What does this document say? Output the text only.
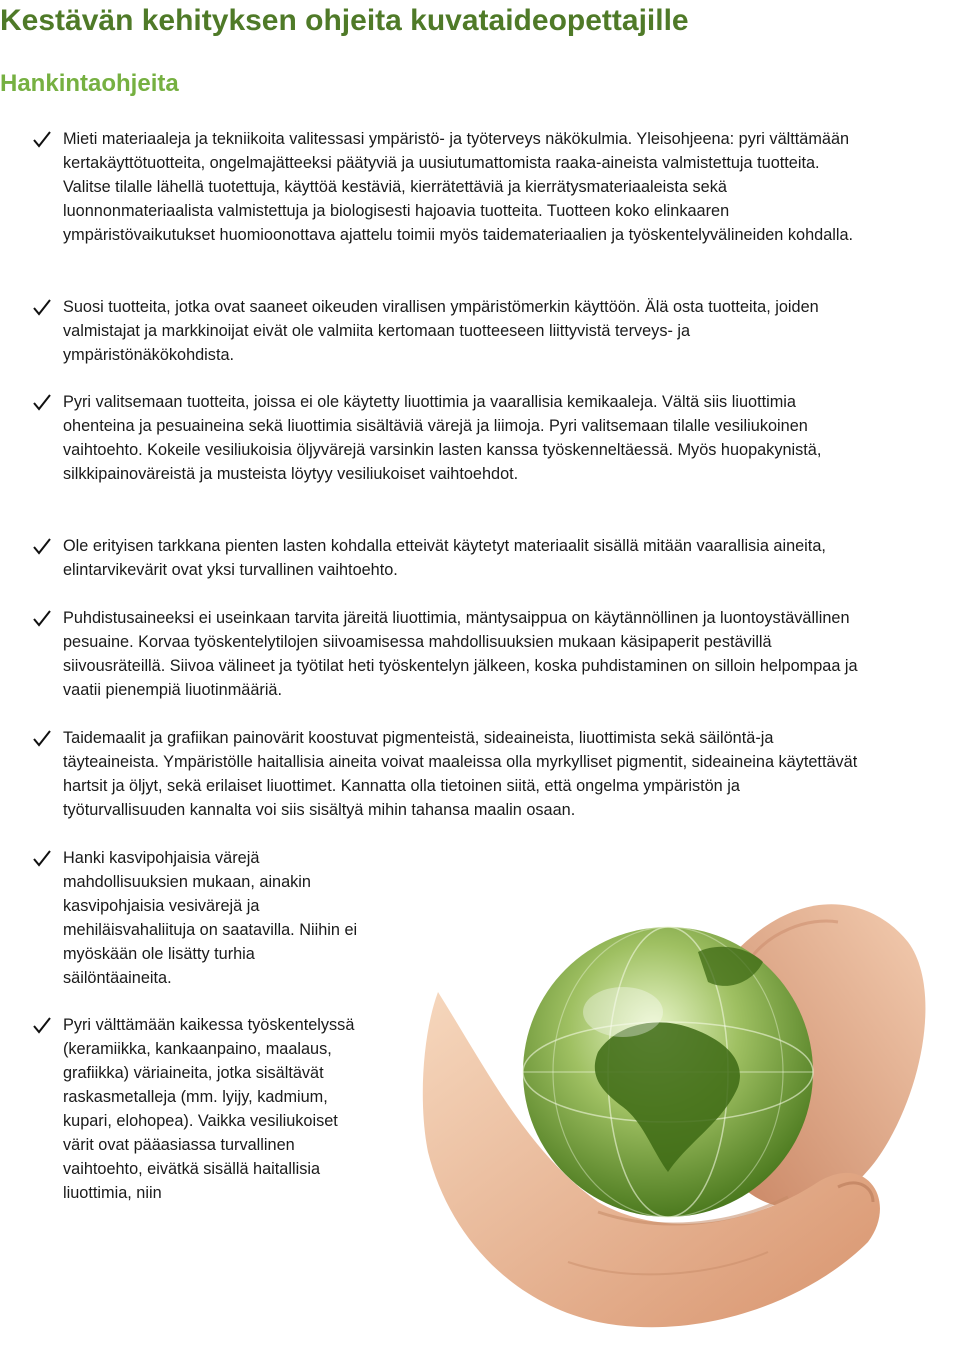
Kestävän kehityksen ohjeita kuvataideopettajille
Hankintaohjeita

Mieti materiaaleja ja tekniikoita valitessasi ympäristö- ja työterveys näkökulmia. Yleisohjeena: pyri välttämään kertakäyttötuotteita, ongelmajätteeksi päätyviä ja uusiutumattomista raaka-aineista valmistettuja tuotteita. Valitse tilalle lähellä tuotettuja, käyttöä kestäviä, kierrätettäviä ja kierrätysmateriaaleista sekä luonnonmateriaalista valmistettuja ja biologisesti hajoavia tuotteita. Tuotteen koko elinkaaren ympäristövaikutukset huomioonottava ajattelu toimii myös taidemateriaalien ja työskentelyvälineiden kohdalla.

Suosi tuotteita, jotka ovat saaneet oikeuden virallisen ympäristömerkin käyttöön. Älä osta tuotteita, joiden valmistajat ja markkinoijat eivät ole valmiita kertomaan tuotteeseen liittyvistä terveys- ja ympäristönäkökohdista.

Pyri valitsemaan tuotteita, joissa ei ole käytetty liuottimia ja vaarallisia kemikaaleja. Vältä siis liuottimia ohenteina ja pesuaineina sekä liuottimia sisältäviä värejä ja liimoja. Pyri valitsemaan tilalle vesiliukoinen vaihtoehto. Kokeile vesiliukoisia öljyvärejä varsinkin lasten kanssa työskenneltäessä. Myös huopakynistä, silkkipainoväreistä ja musteista löytyy vesiliukoiset vaihtoehdot.

Ole erityisen tarkkana pienten lasten kohdalla etteivät käytetyt materiaalit sisällä mitään vaarallisia aineita, elintarvikevärit ovat yksi turvallinen vaihtoehto.

Puhdistusaineeksi ei useinkaan tarvita järeitä liuottimia, mäntysaippua on käytännöllinen ja luontoystävällinen pesuaine. Korvaa työskentelytilojen siivoamisessa mahdollisuuksien mukaan käsipaperit pestävillä siivousräteillä. Siivoa välineet ja työtilat heti työskentelyn jälkeen, koska puhdistaminen on silloin helpompaa ja vaatii pienempiä liuotinmääriä.

Taidemaalit ja grafiikan painovärit koostuvat pigmenteistä, sideaineista, liuottimista sekä säilöntä-ja täyteaineista. Ympäristölle haitallisia aineita voivat maaleissa olla myrkylliset pigmentit, sideaineina käytettävät hartsit ja öljyt, sekä erilaiset liuottimet. Kannatta olla tietoinen siitä, että ongelma ympäristön ja työturvallisuuden kannalta voi siis sisältyä mihin tahansa maalin osaan.

Hanki kasvipohjaisia värejä mahdollisuuksien mukaan, ainakin kasvipohjaisia vesivärejä ja mehiläisvahaliituja on saatavilla. Niihin ei myöskään ole lisätty turhia säilöntäaineita.

Pyri välttämään kaikessa työskentelyssä (keramiikka, kankaanpaino, maalaus, grafiikka) väriaineita, jotka sisältävät raskasmetalleja (mm. lyijy, kadmium, kupari, elohopea). Vaikka vesiliukoiset värit ovat pääasiassa turvallinen vaihtoehto, eivätkä sisällä haitallisia liuottimia, niin
